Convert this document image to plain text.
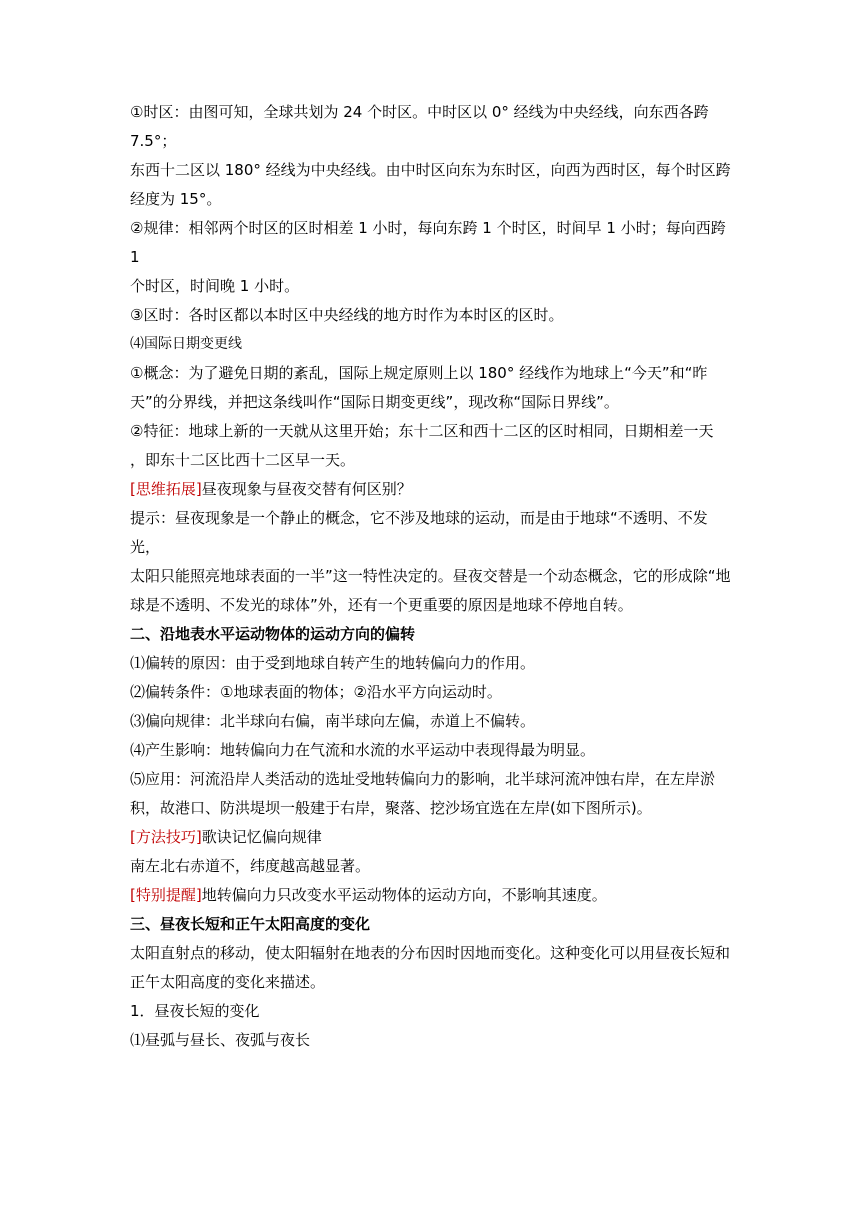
①时区：由图可知，全球共划为 24 个时区。中时区以 0° 经线为中央经线，向东西各跨 7.5°；

东西十二区以 180° 经线为中央经线。由中时区向东为东时区，向西为西时区，每个时区跨

经度为 15°。

②规律：相邻两个时区的区时相差 1 小时，每向东跨 1 个时区，时间早 1 小时；每向西跨 1

个时区，时间晚 1 小时。

③区时：各时区都以本时区中央经线的地方时作为本时区的区时。

⑷国际日期变更线

①概念：为了避免日期的紊乱，国际上规定原则上以 180° 经线作为地球上“今天”和“昨

天”的分界线，并把这条线叫作“国际日期变更线”，现改称“国际日界线”。

②特征：地球上新的一天就从这里开始；东十二区和西十二区的区时相同，日期相差一天

，即东十二区比西十二区早一天。

[思维拓展]昼夜现象与昼夜交替有何区别？

提示：昼夜现象是一个静止的概念，它不涉及地球的运动，而是由于地球“不透明、不发光，

太阳只能照亮地球表面的一半”这一特性决定的。昼夜交替是一个动态概念，它的形成除“地

球是不透明、不发光的球体”外，还有一个更重要的原因是地球不停地自转。

二、沿地表水平运动物体的运动方向的偏转

⑴偏转的原因：由于受到地球自转产生的地转偏向力的作用。

⑵偏转条件：①地球表面的物体；②沿水平方向运动时。

⑶偏向规律：北半球向右偏，南半球向左偏，赤道上不偏转。

⑷产生影响：地转偏向力在气流和水流的水平运动中表现得最为明显。

⑸应用：河流沿岸人类活动的选址受地转偏向力的影响，北半球河流冲蚀右岸，在左岸淤

积，故港口、防洪堤坝一般建于右岸，聚落、挖沙场宜选在左岸(如下图所示)。

[方法技巧]歌诀记忆偏向规律

南左北右赤道不，纬度越高越显著。

[特别提醒]地转偏向力只改变水平运动物体的运动方向，不影响其速度。

三、昼夜长短和正午太阳高度的变化

太阳直射点的移动，使太阳辐射在地表的分布因时因地而变化。这种变化可以用昼夜长短和

正午太阳高度的变化来描述。

1．昼夜长短的变化

⑴昼弧与昼长、夜弧与夜长
